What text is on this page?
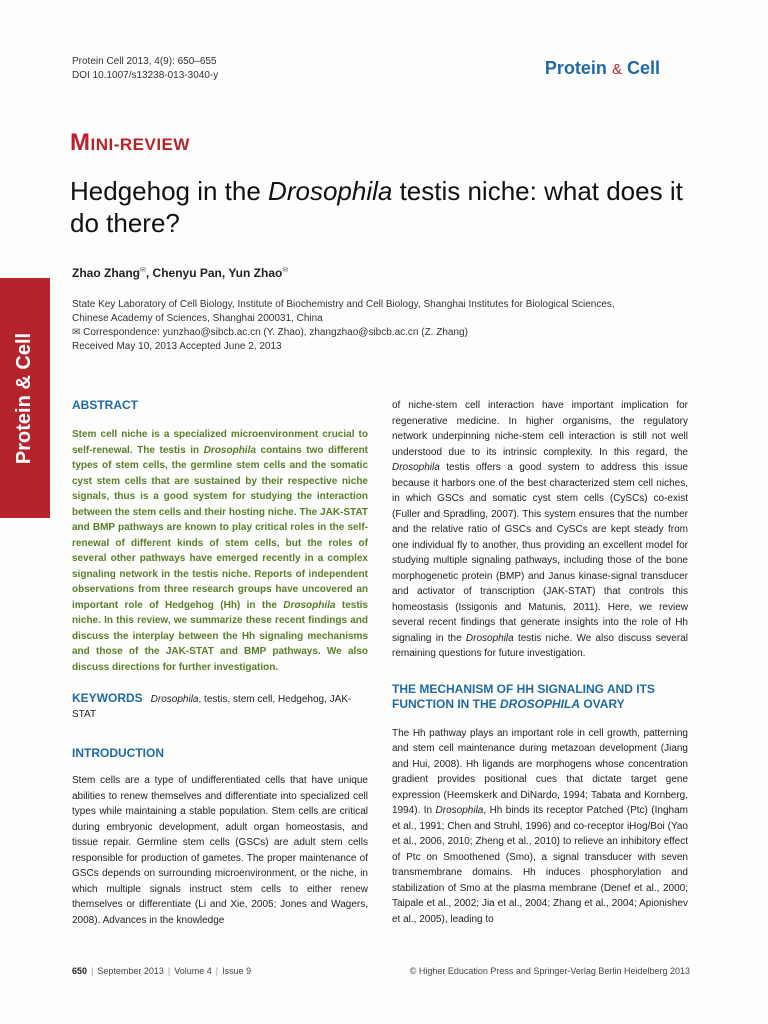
Protein & Cell
Protein Cell 2013, 4(9): 650–655
DOI 10.1007/s13238-013-3040-y	Protein & Cell
MINI-REVIEW
Hedgehog in the Drosophila testis niche: what does it do there?
Zhao Zhang✉, Chenyu Pan, Yun Zhao✉
State Key Laboratory of Cell Biology, Institute of Biochemistry and Cell Biology, Shanghai Institutes for Biological Sciences,
Chinese Academy of Sciences, Shanghai 200031, China
✉ Correspondence: yunzhao@sibcb.ac.cn (Y. Zhao), zhangzhao@sibcb.ac.cn (Z. Zhang)
Received May 10, 2013 Accepted June 2, 2013
ABSTRACT
Stem cell niche is a specialized microenvironment crucial to self-renewal. The testis in Drosophila contains two different types of stem cells, the germline stem cells and the somatic cyst stem cells that are sustained by their respective niche signals, thus is a good system for studying the interaction between the stem cells and their hosting niche. The JAK-STAT and BMP pathways are known to play critical roles in the self-renewal of different kinds of stem cells, but the roles of several other pathways have emerged recently in a complex signaling network in the testis niche. Reports of independent observations from three research groups have uncovered an important role of Hedgehog (Hh) in the Drosophila testis niche. In this review, we summarize these recent findings and discuss the interplay between the Hh signaling mechanisms and those of the JAK-STAT and BMP pathways. We also discuss directions for further investigation.
KEYWORDS Drosophila, testis, stem cell, Hedgehog, JAK-STAT
INTRODUCTION
Stem cells are a type of undifferentiated cells that have unique abilities to renew themselves and differentiate into specialized cell types while maintaining a stable population. Stem cells are critical during embryonic development, adult organ homeostasis, and tissue repair. Germline stem cells (GSCs) are adult stem cells responsible for production of gametes. The proper maintenance of GSCs depends on surrounding microenvironment, or the niche, in which multiple signals instruct stem cells to either renew themselves or differentiate (Li and Xie, 2005; Jones and Wagers, 2008). Advances in the knowledge
of niche-stem cell interaction have important implication for regenerative medicine. In higher organisms, the regulatory network underpinning niche-stem cell interaction is still not well understood due to its intrinsic complexity. In this regard, the Drosophila testis offers a good system to address this issue because it harbors one of the best characterized stem cell niches, in which GSCs and somatic cyst stem cells (CySCs) co-exist (Fuller and Spradling, 2007). This system ensures that the number and the relative ratio of GSCs and CySCs are kept steady from one individual fly to another, thus providing an excellent model for studying multiple signaling pathways, including those of the bone morphogenetic protein (BMP) and Janus kinase-signal transducer and activator of transcription (JAK-STAT) that controls this homeostasis (Issigonis and Matunis, 2011). Here, we review several recent findings that generate insights into the role of Hh signaling in the Drosophila testis niche. We also discuss several remaining questions for future investigation.
THE MECHANISM OF HH SIGNALING AND ITS FUNCTION IN THE DROSOPHILA OVARY
The Hh pathway plays an important role in cell growth, patterning and stem cell maintenance during metazoan development (Jiang and Hui, 2008). Hh ligands are morphogens whose concentration gradient provides positional cues that dictate target gene expression (Heemskerk and DiNardo, 1994; Tabata and Kornberg, 1994). In Drosophila, Hh binds its receptor Patched (Ptc) (Ingham et al., 1991; Chen and Struhl, 1996) and co-receptor iHog/Boi (Yao et al., 2006, 2010; Zheng et al., 2010) to relieve an inhibitory effect of Ptc on Smoothened (Smo), a signal transducer with seven transmembrane domains. Hh induces phosphorylation and stabilization of Smo at the plasma membrane (Denef et al., 2000; Taipale et al., 2002; Jia et al., 2004; Zhang et al., 2004; Apionishev et al., 2005), leading to
650 | September 2013 | Volume 4 | Issue 9	© Higher Education Press and Springer-Verlag Berlin Heidelberg 2013
